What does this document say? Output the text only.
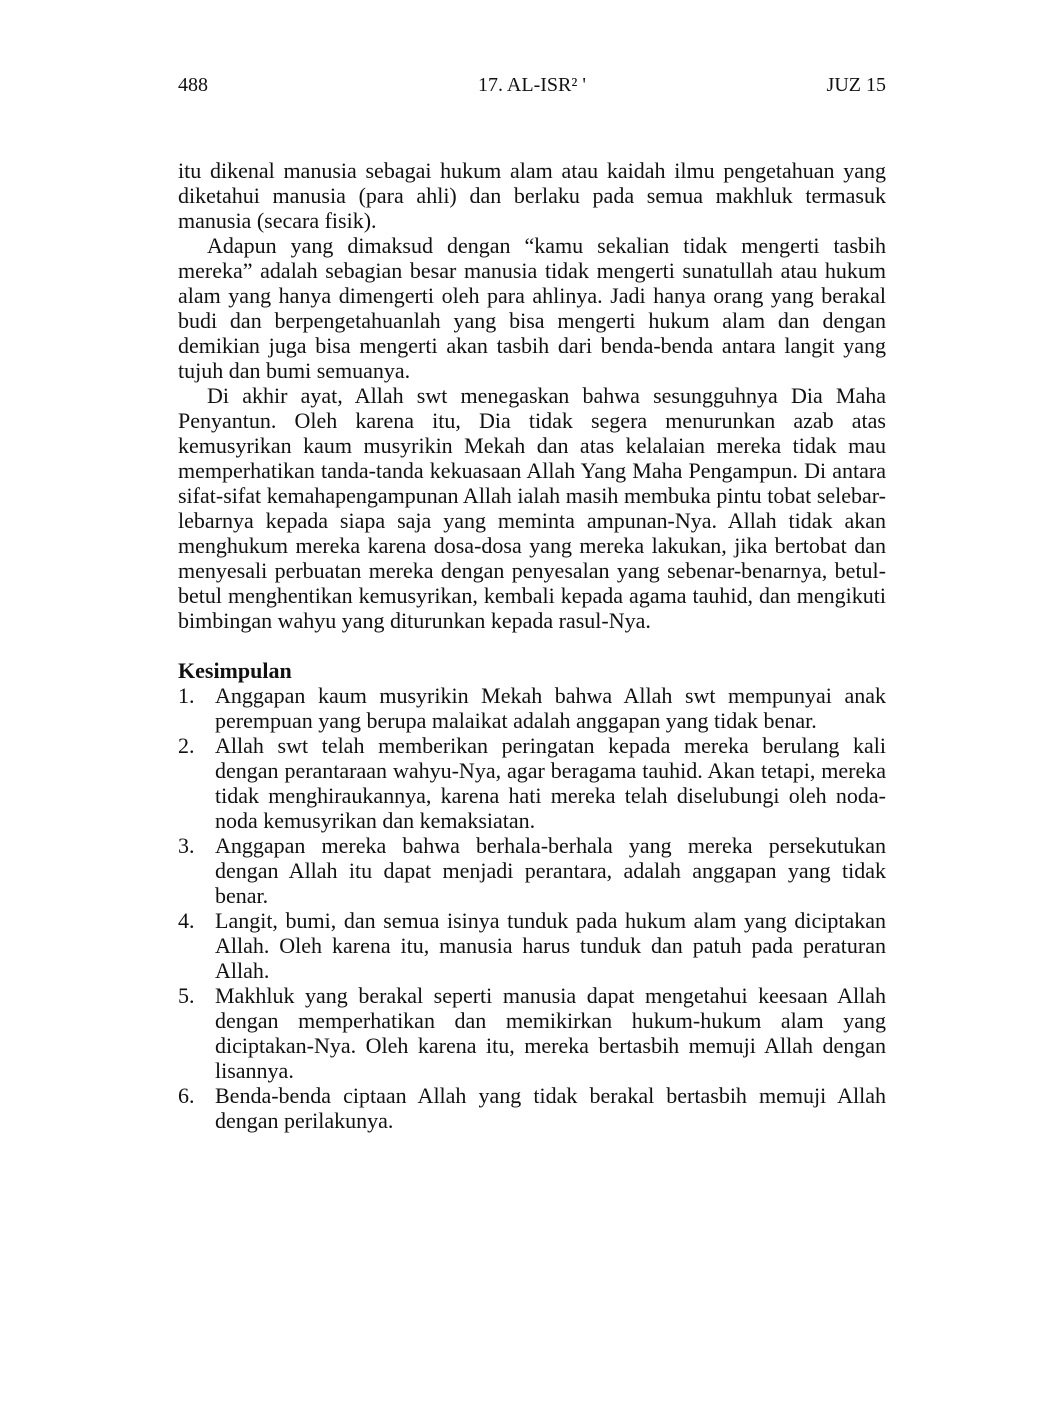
488	17. AL-ISR² '	JUZ 15

itu dikenal manusia sebagai hukum alam atau kaidah ilmu pengetahuan yang diketahui manusia (para ahli) dan berlaku pada semua makhluk termasuk manusia (secara fisik).

Adapun yang dimaksud dengan “kamu sekalian tidak mengerti tasbih mereka” adalah sebagian besar manusia tidak mengerti sunatullah atau hukum alam yang hanya dimengerti oleh para ahlinya. Jadi hanya orang yang berakal budi dan berpengetahuanlah yang bisa mengerti hukum alam dan dengan demikian juga bisa mengerti akan tasbih dari benda-benda antara langit yang tujuh dan bumi semuanya.

Di akhir ayat, Allah swt menegaskan bahwa sesungguhnya Dia Maha Penyantun. Oleh karena itu, Dia tidak segera menurunkan azab atas kemusyrikan kaum musyrikin Mekah dan atas kelalaian mereka tidak mau memperhatikan tanda-tanda kekuasaan Allah Yang Maha Pengampun. Di antara sifat-sifat kemahapengampunan Allah ialah masih membuka pintu tobat selebar-lebarnya kepada siapa saja yang meminta ampunan-Nya. Allah tidak akan menghukum mereka karena dosa-dosa yang mereka lakukan, jika bertobat dan menyesali perbuatan mereka dengan penyesalan yang sebenar-benarnya, betul-betul menghentikan kemusyrikan, kembali kepada agama tauhid, dan mengikuti bimbingan wahyu yang diturunkan kepada rasul-Nya.

Kesimpulan
1. Anggapan kaum musyrikin Mekah bahwa Allah swt mempunyai anak perempuan yang berupa malaikat adalah anggapan yang tidak benar.
2. Allah swt telah memberikan peringatan kepada mereka berulang kali dengan perantaraan wahyu-Nya, agar beragama tauhid. Akan tetapi, mereka tidak menghiraukannya, karena hati mereka telah diselubungi oleh noda-noda kemusyrikan dan kemaksiatan.
3. Anggapan mereka bahwa berhala-berhala yang mereka persekutukan dengan Allah itu dapat menjadi perantara, adalah anggapan yang tidak benar.
4. Langit, bumi, dan semua isinya tunduk pada hukum alam yang diciptakan Allah. Oleh karena itu, manusia harus tunduk dan patuh pada peraturan Allah.
5. Makhluk yang berakal seperti manusia dapat mengetahui keesaan Allah dengan memperhatikan dan memikirkan hukum-hukum alam yang diciptakan-Nya. Oleh karena itu, mereka bertasbih memuji Allah dengan lisannya.
6. Benda-benda ciptaan Allah yang tidak berakal bertasbih memuji Allah dengan perilakunya.
